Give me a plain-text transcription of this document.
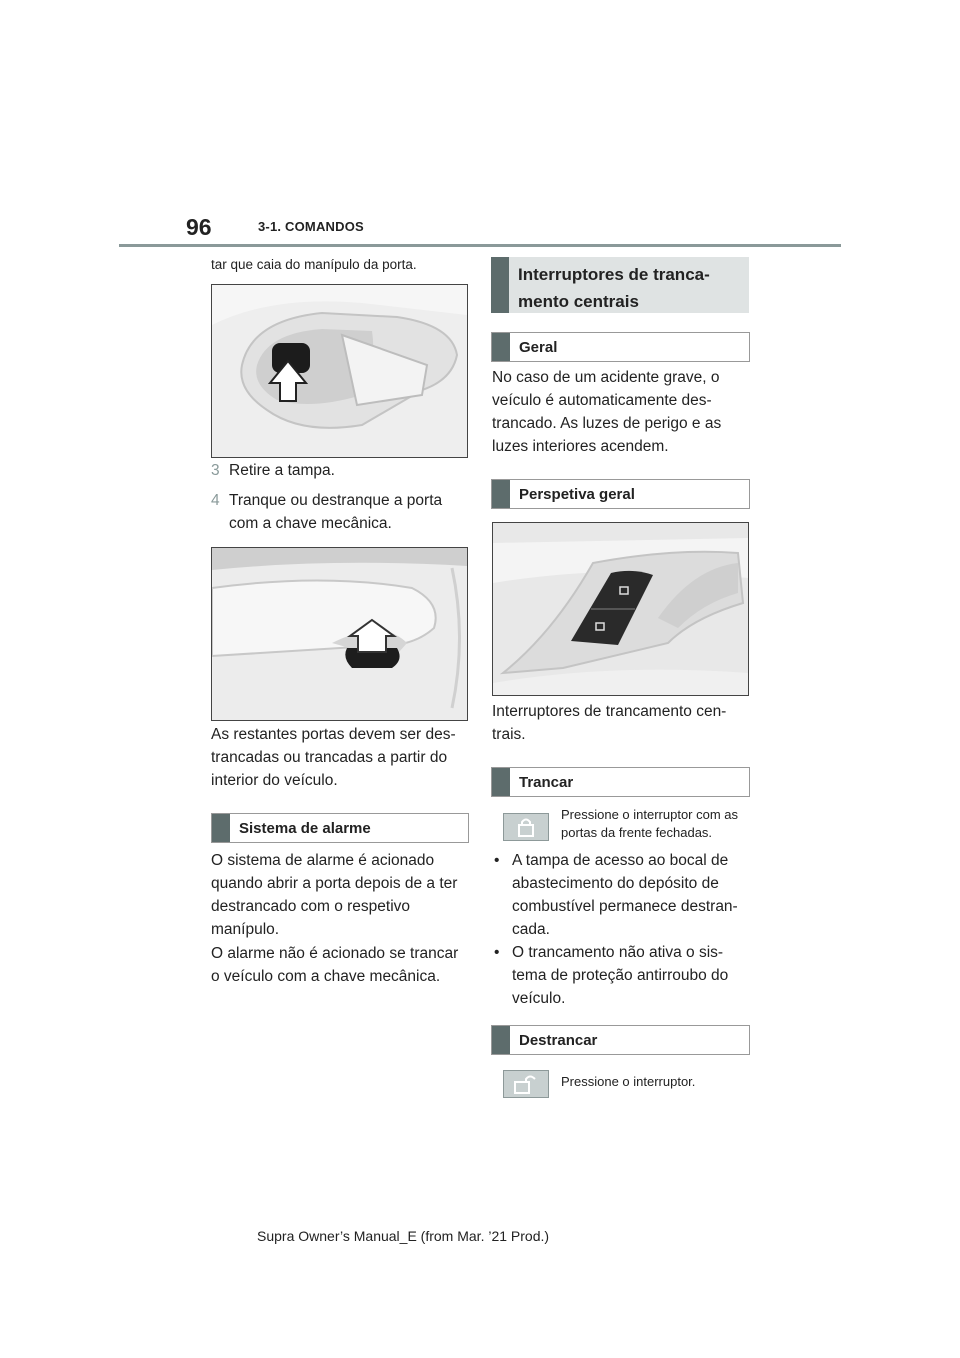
96	3-1. COMANDOS
tar que caia do manípulo da porta.
3 Retire a tampa.
4 Tranque ou destranque a porta com a chave mecânica.
As restantes portas devem ser des-trancadas ou trancadas a partir do interior do veículo.
Sistema de alarme
O sistema de alarme é acionado quando abrir a porta depois de a ter destrancado com o respetivo manípulo.
O alarme não é acionado se trancar o veículo com a chave mecânica.
Interruptores de tranca-
mento centrais
Geral
No caso de um acidente grave, o veículo é automaticamente des-trancado. As luzes de perigo e as luzes interiores acendem.
Perspetiva geral
Interruptores de trancamento cen-trais.
Trancar
Pressione o interruptor com as portas da frente fechadas.
• A tampa de acesso ao bocal de abastecimento do depósito de combustível permanece destran-cada.
• O trancamento não ativa o sis-tema de proteção antirroubo do veículo.
Destrancar
Pressione o interruptor.
Supra Owner’s Manual_E (from Mar. ’21 Prod.)
